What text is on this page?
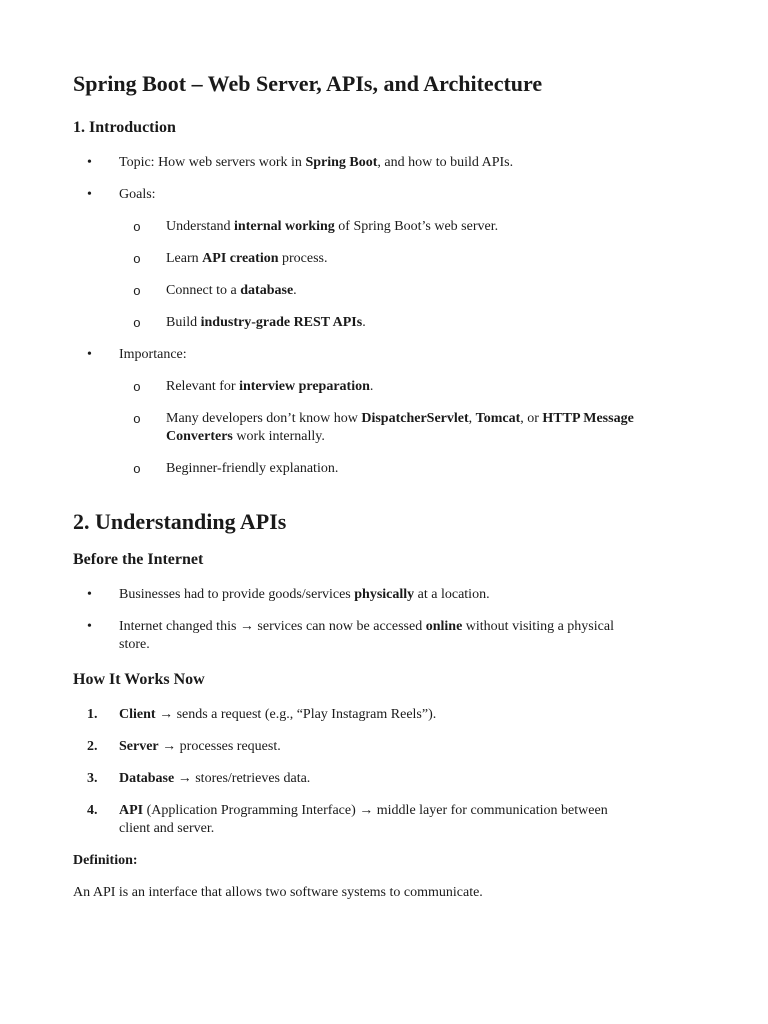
Spring Boot – Web Server, APIs, and Architecture
1. Introduction
• Topic: How web servers work in Spring Boot, and how to build APIs.
• Goals:
o Understand internal working of Spring Boot’s web server.
o Learn API creation process.
o Connect to a database.
o Build industry-grade REST APIs.
• Importance:
o Relevant for interview preparation.
o Many developers don’t know how DispatcherServlet, Tomcat, or HTTP Message
Converters work internally.
o Beginner-friendly explanation.
2. Understanding APIs
Before the Internet
• Businesses had to provide goods/services physically at a location.
• Internet changed this → services can now be accessed online without visiting a physical
store.
How It Works Now
1. Client → sends a request (e.g., “Play Instagram Reels”).
2. Server → processes request.
3. Database → stores/retrieves data.
4. API (Application Programming Interface) → middle layer for communication between
client and server.

Definition:

An API is an interface that allows two software systems to communicate.
